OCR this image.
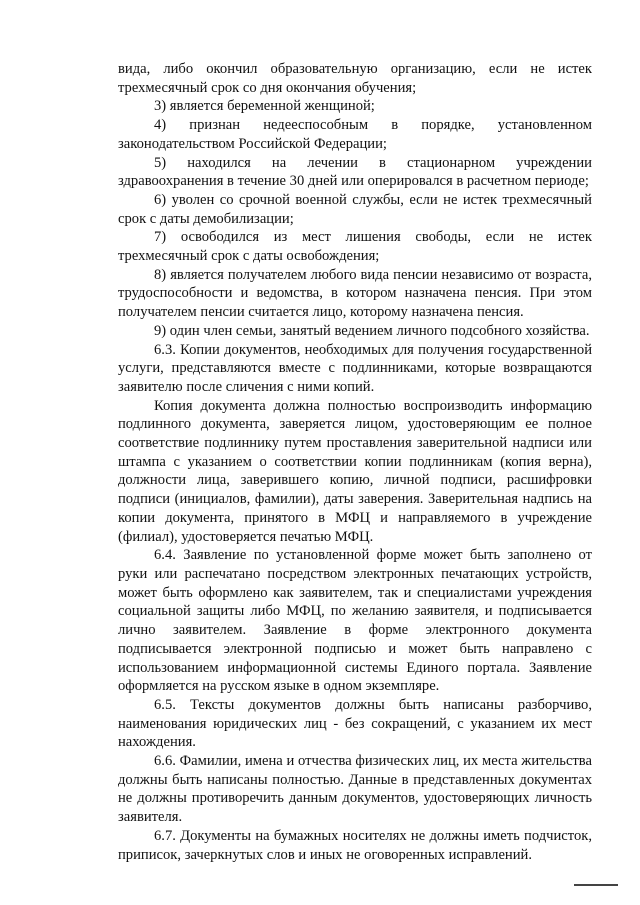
вида, либо окончил образовательную организацию, если не истек трехмесячный срок со дня окончания обучения;

3) является беременной женщиной;

4) признан недееспособным в порядке, установленном законодательством Российской Федерации;

5) находился на лечении в стационарном учреждении здравоохранения в течение 30 дней или оперировался в расчетном периоде;

6) уволен со срочной военной службы, если не истек трехмесячный срок с даты демобилизации;

7) освободился из мест лишения свободы, если не истек трехмесячный срок с даты освобождения;

8) является получателем любого вида пенсии независимо от возраста, трудоспособности и ведомства, в котором назначена пенсия. При этом получателем пенсии считается лицо, которому назначена пенсия.

9) один член семьи, занятый ведением личного подсобного хозяйства.

6.3. Копии документов, необходимых для получения государственной услуги, представляются вместе с подлинниками, которые возвращаются заявителю после сличения с ними копий.

Копия документа должна полностью воспроизводить информацию подлинного документа, заверяется лицом, удостоверяющим ее полное соответствие подлиннику путем проставления заверительной надписи или штампа с указанием о соответствии копии подлинникам (копия верна), должности лица, заверившего копию, личной подписи, расшифровки подписи (инициалов, фамилии), даты заверения. Заверительная надпись на копии документа, принятого в МФЦ и направляемого в учреждение (филиал), удостоверяется печатью МФЦ.

6.4. Заявление по установленной форме может быть заполнено от руки или распечатано посредством электронных печатающих устройств, может быть оформлено как заявителем, так и специалистами учреждения социальной защиты либо МФЦ, по желанию заявителя, и подписывается лично заявителем. Заявление в форме электронного документа подписывается электронной подписью и может быть направлено с использованием информационной системы Единого портала. Заявление оформляется на русском языке в одном экземпляре.

6.5. Тексты документов должны быть написаны разборчиво, наименования юридических лиц - без сокращений, с указанием их мест нахождения.

6.6. Фамилии, имена и отчества физических лиц, их места жительства должны быть написаны полностью. Данные в представленных документах не должны противоречить данным документов, удостоверяющих личность заявителя.

6.7. Документы на бумажных носителях не должны иметь подчисток, приписок, зачеркнутых слов и иных не оговоренных исправлений.
